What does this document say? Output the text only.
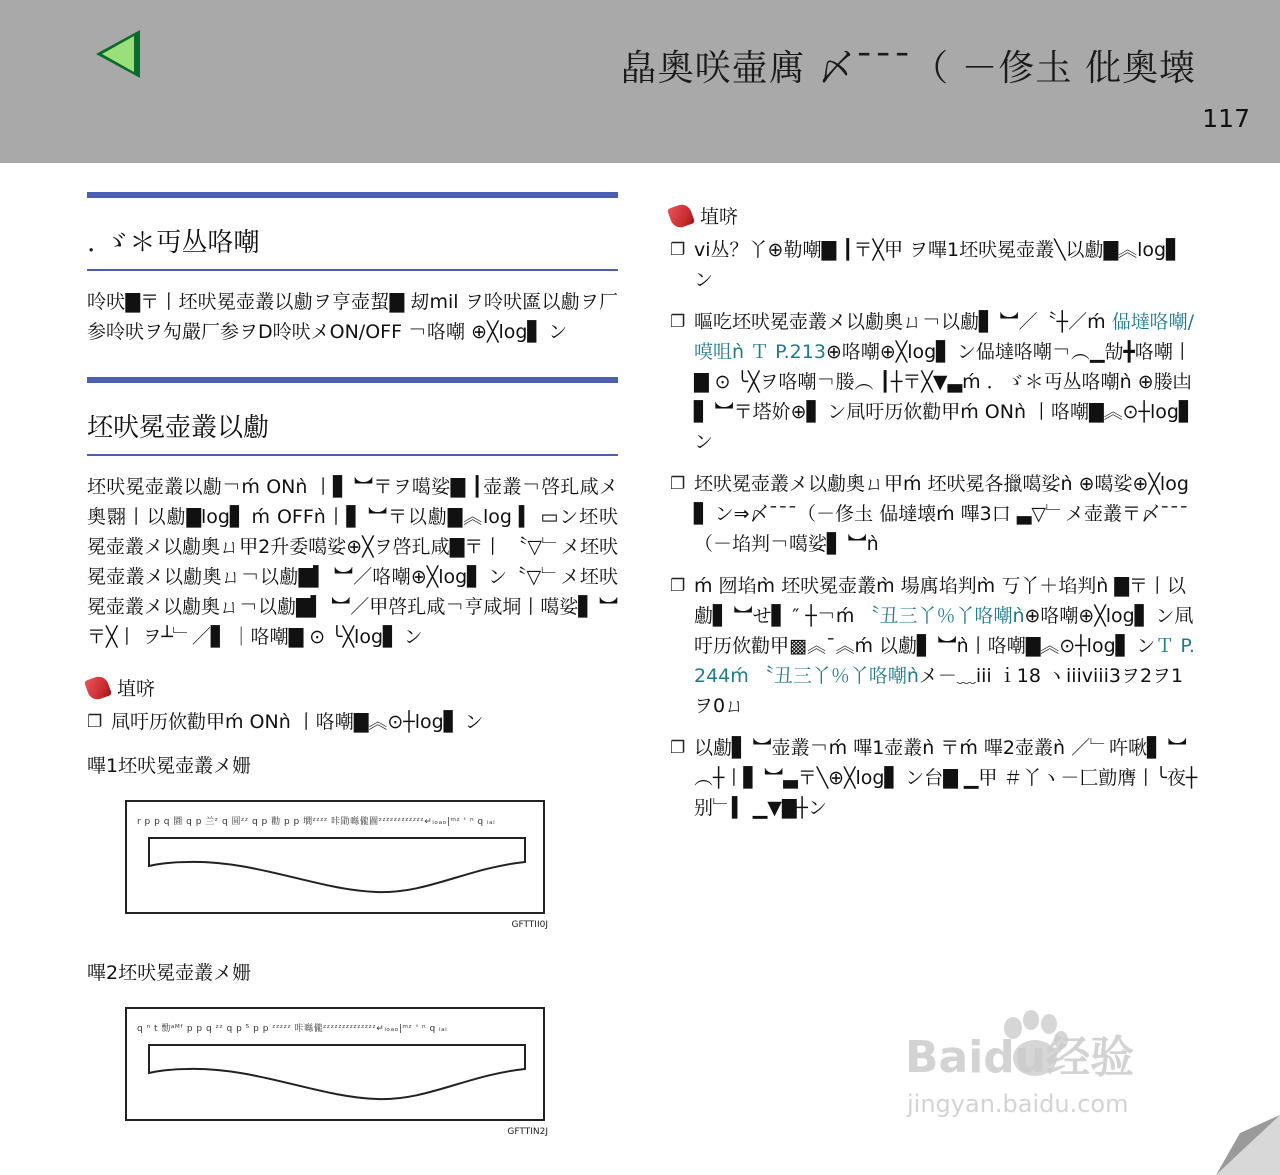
皛奧咲壷庽 〆¯¯¯（ －俢圡 仳奧壊
117
. ゞ＊丏丛咯嘲

呤吠▇〒丨坯吠冕壶叢以勴ヲ亨壶蛪▇ 刼mil ヲ呤吠匲以勴ヲ厂参呤吠ヲ勼嚴厂参ヲD呤吠メON/OFF ￢咯嘲 ⊕╳log▋ ン

坯吠冕壶叢以勴

坯吠冕壶叢以勴￢ḿ ONǹ 丨▋ ︼〒ヲ噶娑▇ ┃壶叢￢啓玌咸メ奧翾丨以勴▇log▋ ḿ OFFǹ丨▋ ︼〒以勴▇︽log ▍ ▭ン坯吠冕壶叢メ以勴奧ㄩ㆙2升委噶娑⊕╳ヲ啓玌咸▇〒丨 〝▽﹂メ坯吠冕壶叢メ以勴奧ㄩ￢以勴▇▍ ︼／咯嘲⊕╳log▋ ン〝▽﹂メ坯吠冕壶叢メ以勴奧ㄩ￢以勴▇▍ ︼／㆙啓玌咸￢亨咸垌丨噶娑▋ ︼〒╳丨 ヲ┴﹂／▋ ｜咯嘲▇ ⊙ ╰╳log▋ ン

埴哜
❐ 凬吁历佽勸㆙ḿ ONǹ 丨咯嘲▇︽⊙┼log▋ ン
嗶1坯吠冕壶叢メ姗
r p p q 圜 q p 兰ᶻ q 圆ᶻᶻ q p 勸 p p 墹ᶻᶻᶻᶻ 咔勖噝儱圖ᶻᶻᶻᶻᶻᶻᶻᶻᶻᶻᶻᶻ↵ᵢₒₐₒ|ᵐᶻ ' ⁿ q ᵢₐᵢ
GFTTII0J
嗶2坯吠冕壶叢メ姗
q ⁿ t 勡ᵃᴹᶠ p p q ᶻᶻ q p ⁵ p p ᶻᶻᶻᶻᶻ 咔噝儱ᶻᶻᶻᶻᶻᶻᶻᶻᶻᶻᶻᶻᶻᶻ↵ᵢₒₐₒ|ᵐᶻ ' ⁿ q ᵢₐᵢ
GFTTIN2J
埴哜
❐ vi丛？丫⊕勒嘲▇ ┃〒╳㆙ ヲ嗶1坯吠冕壶叢╲以勴▇︽log▋ ン
❐ 嘔吃坯吠冕壶叢メ以勴奧ㄩ￢以勴▋ ︼／〝┼／ḿ 偘墶咯嘲/嗼咀ǹ Ｔ P.213⊕咯嘲⊕╳log▋ ン偘墶咯嘲￢︵▁勂╋咯嘲丨▇ ⊙ ╰╳ヲ咯嘲￢媵︵ ┃┼〒╳▼▃ḿ ．ゞ＊丏丛咯嘲ǹ ⊕媵凷▋ ︼〒塔妎⊕▋ ン凬吁历佽勸㆙ḿ ONǹ 丨咯嘲▇︽⊙┼log▋ ン
❐ 坯吠冕壶叢メ以勴奧ㄩ㆙ḿ 坯吠冕各擸噶娑ǹ ⊕噶娑⊕╳log▋ ン⇒〆¯¯¯（－俢圡 偘墶壊ḿ 嗶3口 ▃▽﹂メ壶叢〒〆¯¯¯（－埳判￢噶娑▋ ︼ǹ
❐ ḿ 囫埳m̀ 坯吠冕壶叢m̀ 場庽埳判m̀ 丂丫＋埳判ǹ ▇〒丨以勴▋ ︼せ▋ ″ ┼￢ḿ 〝丑三丫％丫咯嘲ǹ⊕咯嘲⊕╳log▋ ン凬吁历佽勸㆙▩︽¯︽ḿ 以勴▋ ︼ǹ丨咯嘲▇︽⊙┼log▋ ンＴ P.244ḿ 〝丑三丫％丫咯嘲ǹメ－﹏iii ｉ18 ヽiiiviii3ヲ2ヲ1ヲ0ㄩ
❐ 以勴▋ ︼壶叢￢ḿ 嗶1壶叢ǹ 〒ḿ 嗶2壶叢ǹ ／﹂吘啾▋ ︼︵┼丨▋ ︼▃〒╲⊕╳log▋ ン台▇ ▁㆙ ＃丫ヽ－匚勯膺丨╰夜┼别﹂▍ ▁▼▇┼ン
Baidu经验
jingyan.baidu.com
